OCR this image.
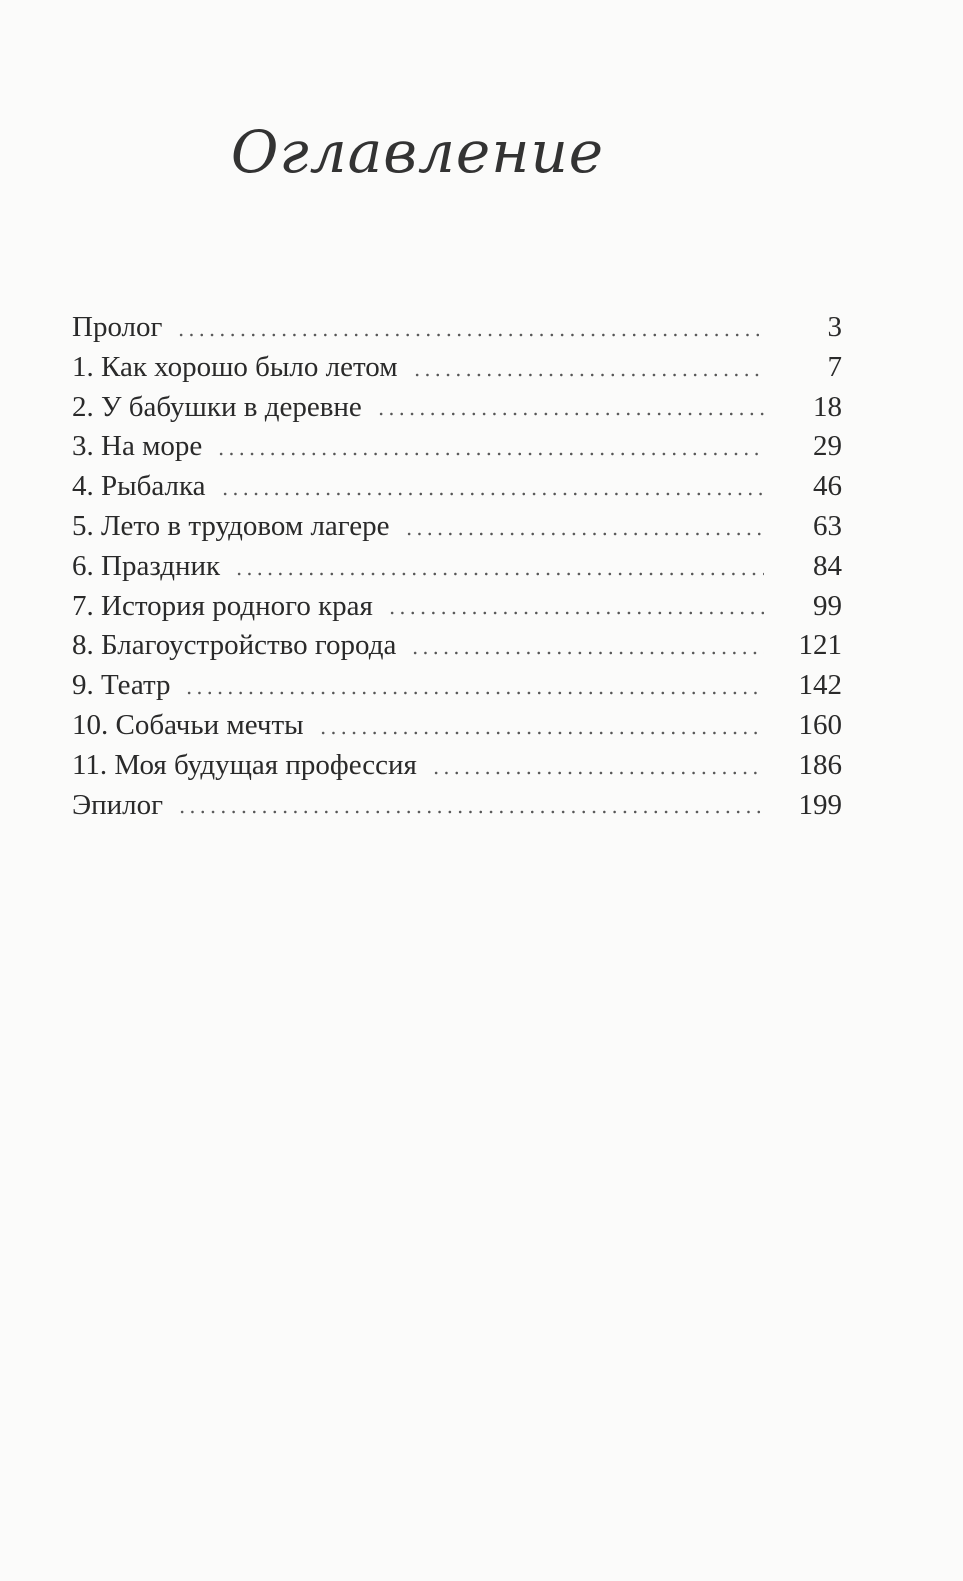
Оглавление
Пролог	3
1. Как хорошо было летом	7
2. У бабушки в деревне	18
3. На море	29
4. Рыбалка	46
5. Лето в трудовом лагере	63
6. Праздник	84
7. История родного края	99
8. Благоустройство города	121
9. Театр	142
10. Собачьи мечты	160
11. Моя будущая профессия	186
Эпилог	199
